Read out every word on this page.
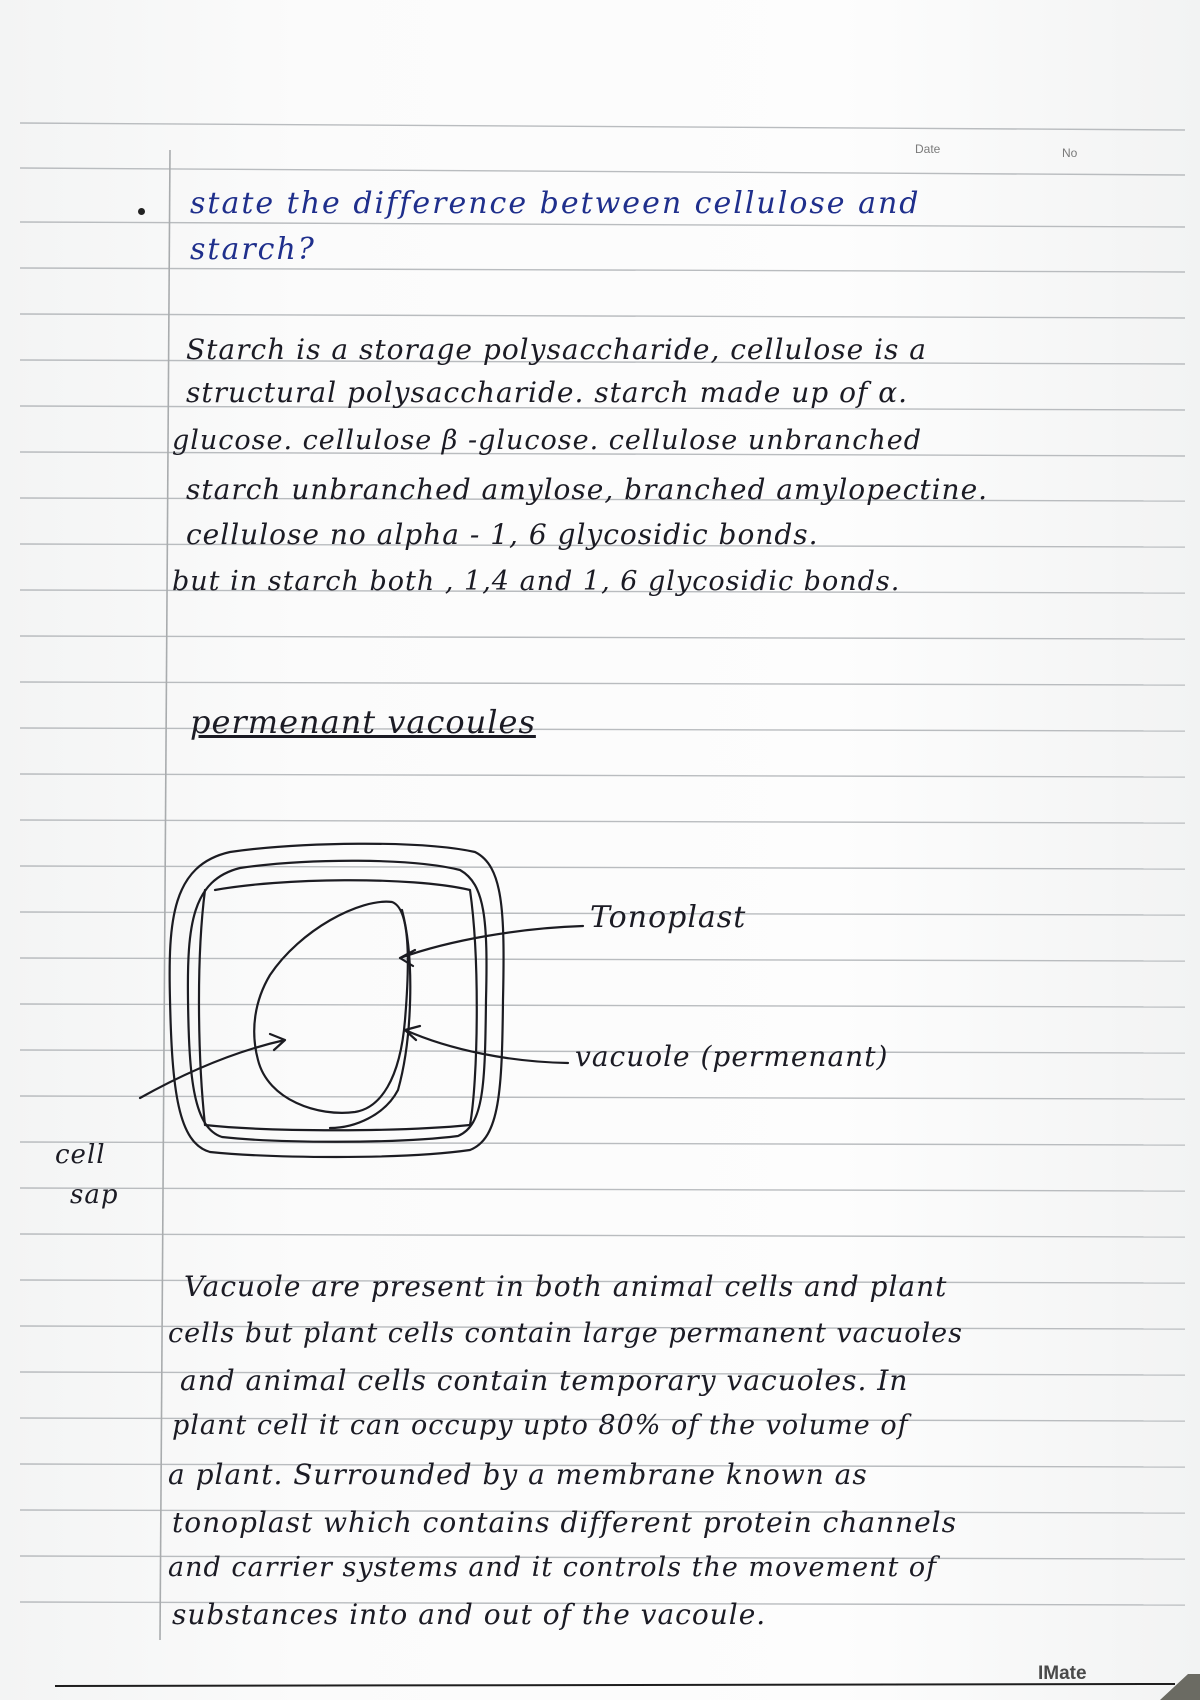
Date	No

state the difference between cellulose and

starch?

Starch is a storage polysaccharide, cellulose is a

structural polysaccharide. starch made up of α.

glucose. cellulose β -glucose. cellulose unbranched

starch unbranched amylose, branched amylopectine.

cellulose no alpha - 1, 6 glycosidic bonds.

but in starch both , 1,4 and 1, 6 glycosidic bonds.

permenant vacoules

Tonoplast

vacuole (permenant)

cell

sap

Vacuole are present in both animal cells and plant

cells but plant cells contain large permanent vacuoles

and animal cells contain temporary vacuoles. In

plant cell it can occupy upto 80% of the volume of

a plant. Surrounded by a membrane known as

tonoplast which contains different protein channels

and carrier systems and it controls the movement of

substances into and out of the vacoule.

IMate
